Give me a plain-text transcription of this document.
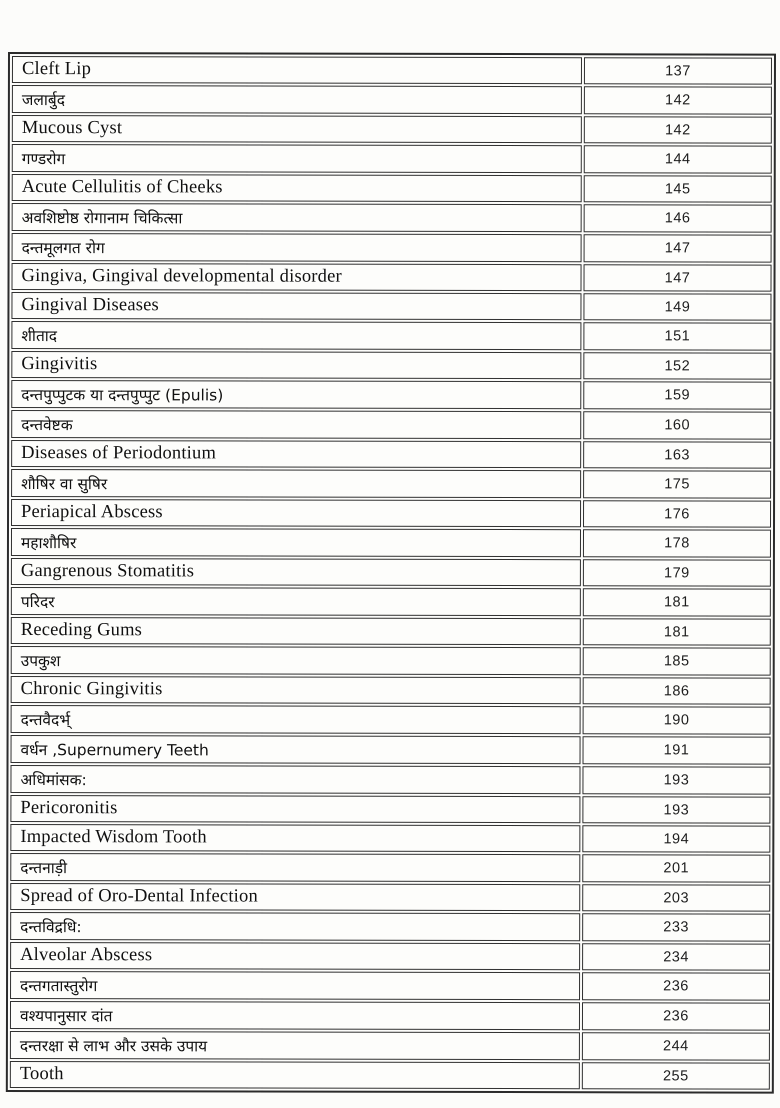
Cleft Lip	137
जलार्बुद	142
Mucous Cyst	142
गण्डरोग	144
Acute Cellulitis of Cheeks	145
अवशिष्टोष्ठ रोगानाम चिकित्सा	146
दन्तमूलगत रोग	147
Gingiva, Gingival developmental disorder	147
Gingival Diseases	149
शीताद	151
Gingivitis	152
दन्तपुप्पुटक या दन्तपुप्पुट (Epulis)	159
दन्तवेष्टक	160
Diseases of Periodontium	163
शौषिर वा सुषिर	175
Periapical Abscess	176
महाशौषिर	178
Gangrenous Stomatitis	179
परिदर	181
Receding Gums	181
उपकुश	185
Chronic Gingivitis	186
दन्तवैदर्भ्	190
वर्धन ,Supernumery Teeth	191
अधिमांसक:	193
Pericoronitis	193
Impacted Wisdom Tooth	194
दन्तनाड़ी	201
Spread of Oro-Dental Infection	203
दन्तविद्रधि:	233
Alveolar Abscess	234
दन्तगतास्तुरोग	236
वश्यपानुसार दांत	236
दन्तरक्षा से लाभ और उसके उपाय	244
Tooth	255
